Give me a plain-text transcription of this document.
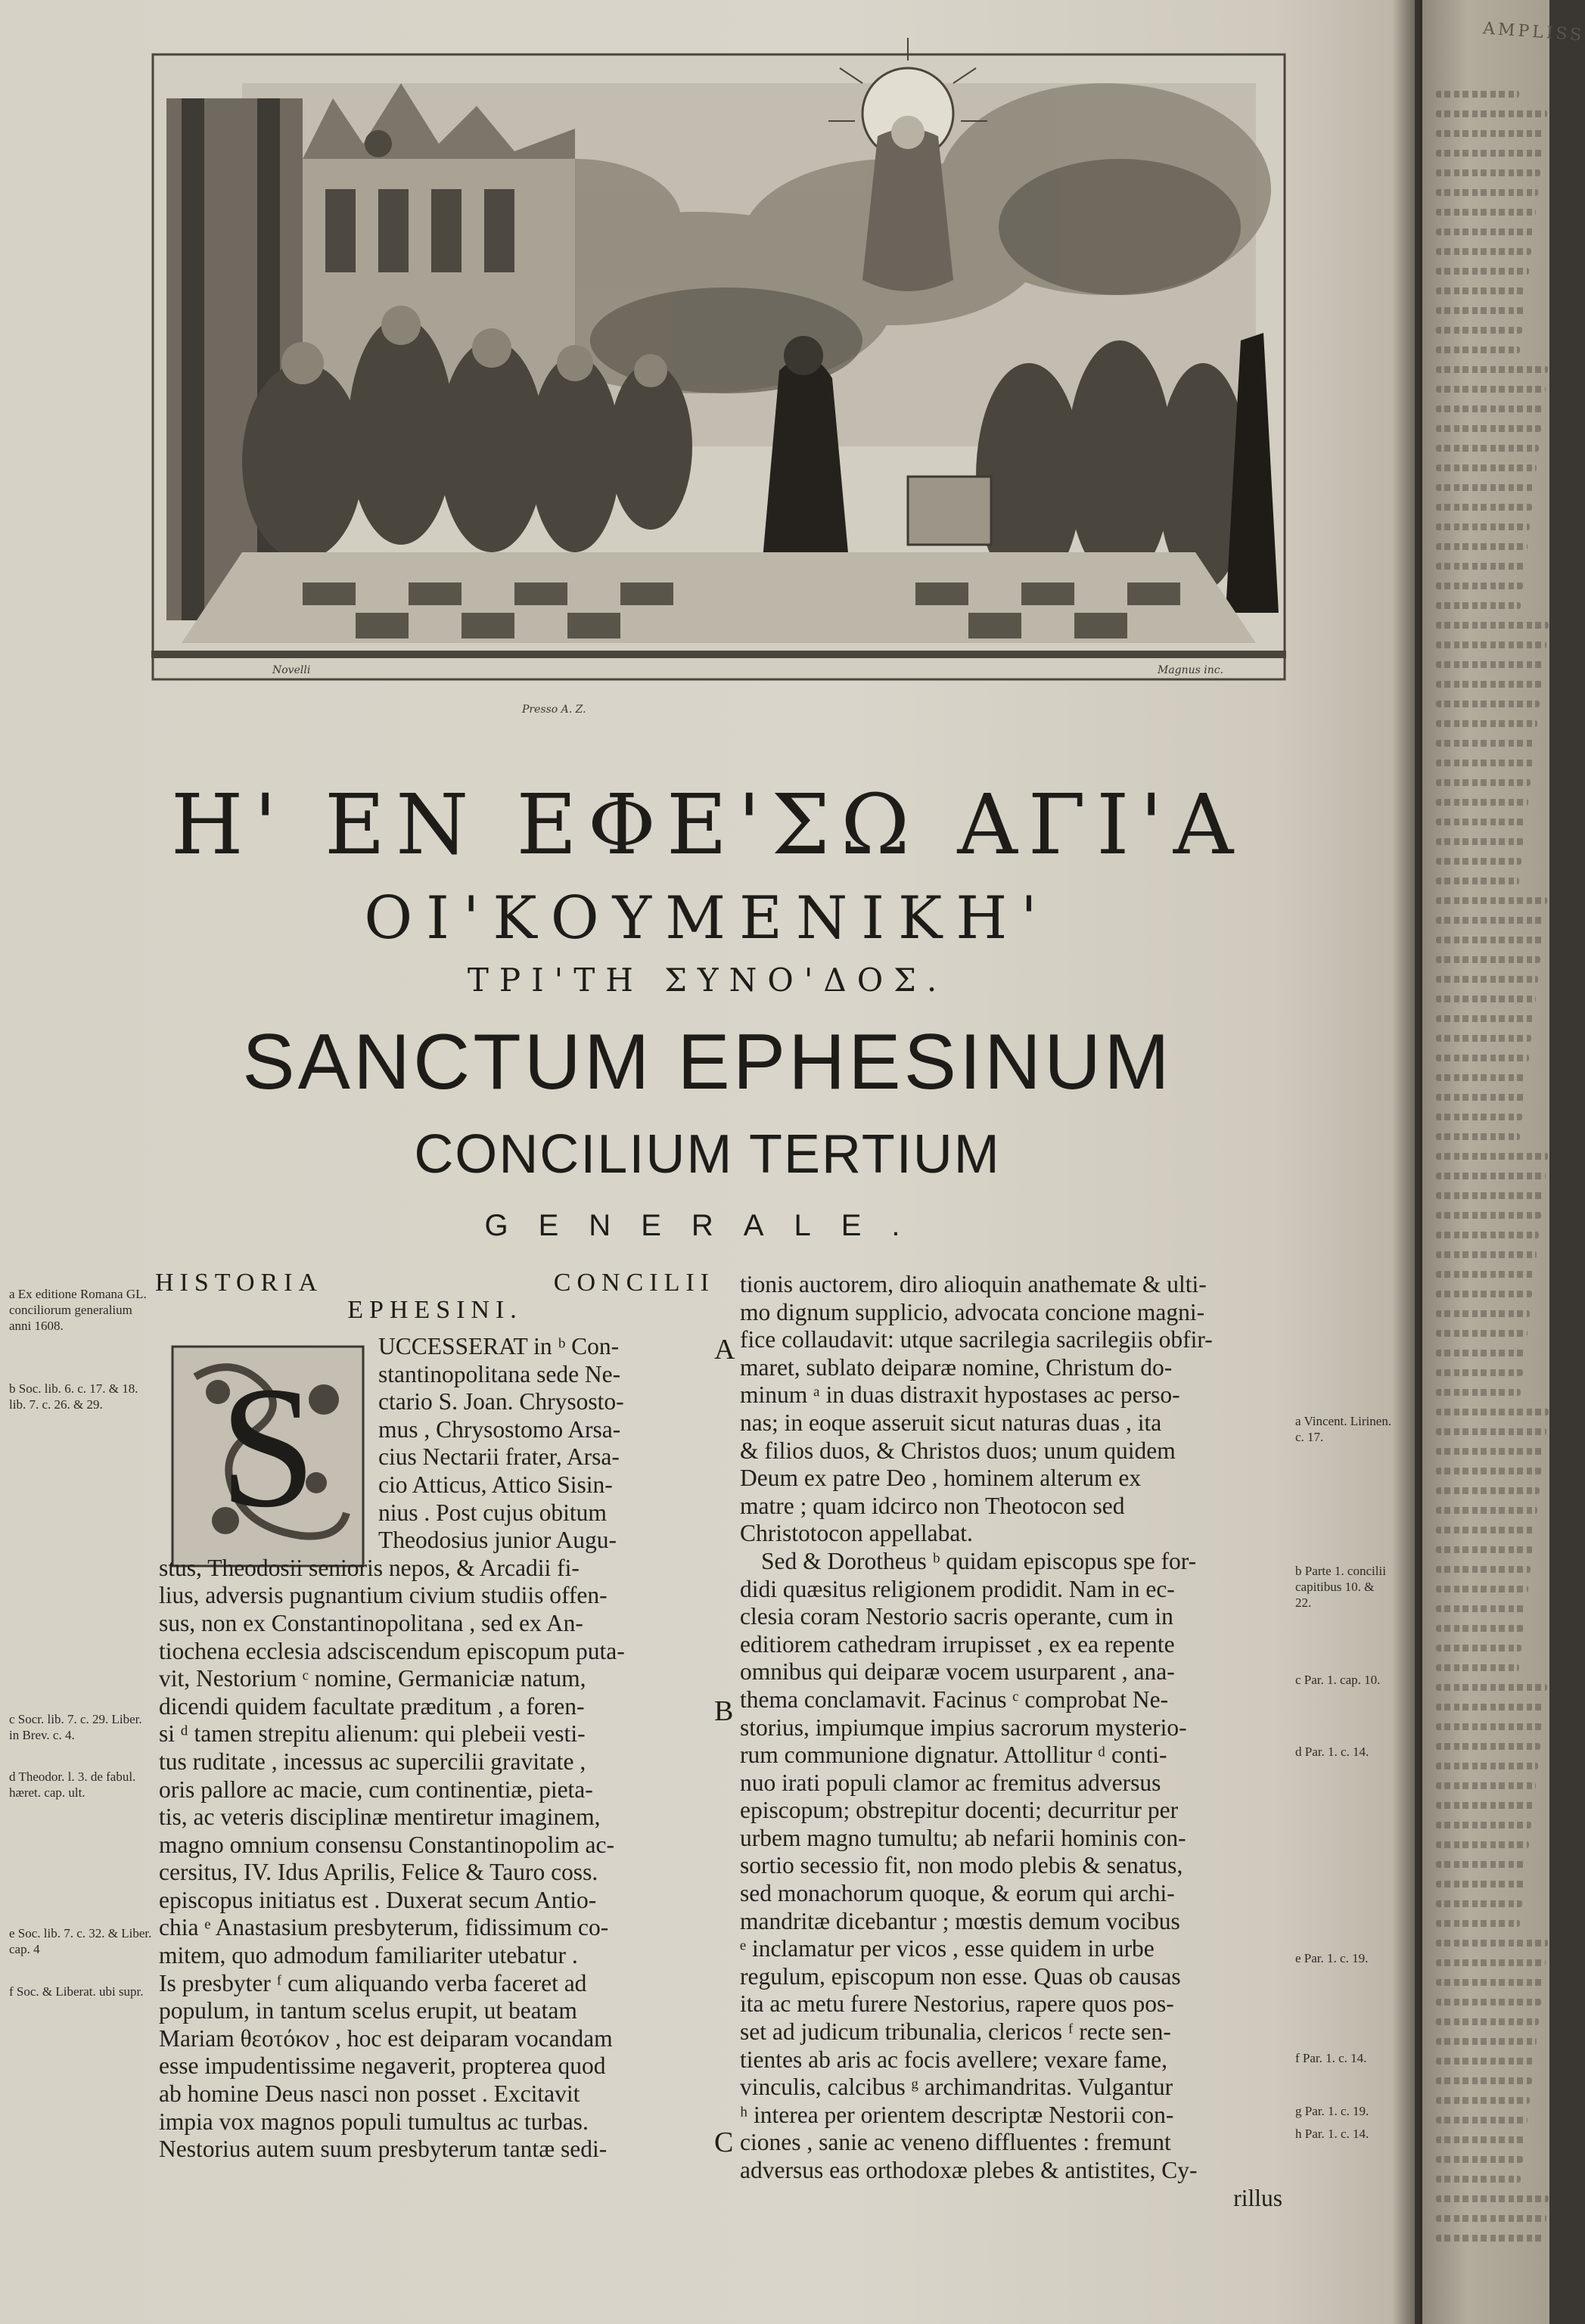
Novelli
Presso A. Z.
Magnus inc.
Η' ΕΝ ΕΦΕ'ΣΩ ΑΓΙ'Α
ΟΙ'ΚΟΥΜΕΝΙΚΗ'
ΤΡΙ'ΤΗ ΣΥΝΟ'ΔΟΣ.
SANCTUM EPHESINUM
CONCILIUM TERTIUM
GENERALE.
HISTORIA	CONCILII
EPHESINI.
S
A
B
C
a Ex editione Romana GL. conciliorum generalium anni 1608.
b Soc. lib. 6. c. 17. & 18. lib. 7. c. 26. & 29.
c Socr. lib. 7. c. 29. Liber. in Brev. c. 4.
d Theodor. l. 3. de fabul. hæret. cap. ult.
e Soc. lib. 7. c. 32. & Liber. cap. 4
f Soc. & Liberat. ubi supr.
a Vincent. Lirinen. c. 17.
b Parte 1. concilii capitibus 10. & 22.
c Par. 1. cap. 10.
d Par. 1. c. 14.
e Par. 1. c. 19.
f Par. 1. c. 14.
g Par. 1. c. 19.
h Par. 1. c. 14.
UCCESSERAT in ᵇ Con-
stantinopolitana sede Ne-
ctario S. Joan. Chrysosto-
mus , Chrysostomo Arsa-
cius Nectarii frater, Arsa-
cio Atticus, Attico Sisin-
nius . Post cujus obitum
Theodosius junior Augu-
stus, Theodosii senioris nepos, & Arcadii fi-
lius, adversis pugnantium civium studiis offen-
sus, non ex Constantinopolitana , sed ex An-
tiochena ecclesia adsciscendum episcopum puta-
vit, Nestorium ᶜ nomine, Germaniciæ natum,
dicendi quidem facultate præditum , a foren-
si ᵈ tamen strepitu alienum: qui plebeii vesti-
tus ruditate , incessus ac supercilii gravitate ,
oris pallore ac macie, cum continentiæ, pieta-
tis, ac veteris disciplinæ mentiretur imaginem,
magno omnium consensu Constantinopolim ac-
cersitus, IV. Idus Aprilis, Felice & Tauro coss.
episcopus initiatus est . Duxerat secum Antio-
chia ᵉ Anastasium presbyterum, fidissimum co-
mitem, quo admodum familiariter utebatur .
Is presbyter ᶠ cum aliquando verba faceret ad
populum, in tantum scelus erupit, ut beatam
Mariam θεοτόκον , hoc est deiparam vocandam
esse impudentissime negaverit, propterea quod
ab homine Deus nasci non posset . Excitavit
impia vox magnos populi tumultus ac turbas.
Nestorius autem suum presbyterum tantæ sedi-
tionis auctorem, diro alioquin anathemate & ulti-
mo dignum supplicio, advocata concione magni-
fice collaudavit: utque sacrilegia sacrilegiis obfir-
maret, sublato deiparæ nomine, Christum do-
minum ᵃ in duas distraxit hypostases ac perso-
nas; in eoque asseruit sicut naturas duas , ita
& filios duos, & Christos duos; unum quidem
Deum ex patre Deo , hominem alterum ex
matre ; quam idcirco non Theotocon sed
Christotocon appellabat.
Sed & Dorotheus ᵇ quidam episcopus spe for-
didi quæsitus religionem prodidit. Nam in ec-
clesia coram Nestorio sacris operante, cum in
editiorem cathedram irrupisset , ex ea repente
omnibus qui deiparæ vocem usurparent , ana-
thema conclamavit. Facinus ᶜ comprobat Ne-
storius, impiumque impius sacrorum mysterio-
rum communione dignatur. Attollitur ᵈ conti-
nuo irati populi clamor ac fremitus adversus
episcopum; obstrepitur docenti; decurritur per
urbem magno tumultu; ab nefarii hominis con-
sortio secessio fit, non modo plebis & senatus,
sed monachorum quoque, & eorum qui archi-
mandritæ dicebantur ; mœstis demum vocibus
ᵉ inclamatur per vicos , esse quidem in urbe
regulum, episcopum non esse. Quas ob causas
ita ac metu furere Nestorius, rapere quos pos-
set ad judicum tribunalia, clericos ᶠ recte sen-
tientes ab aris ac focis avellere; vexare fame,
vinculis, calcibus ᵍ archimandritas. Vulgantur
ʰ interea per orientem descriptæ Nestorii con-
ciones , sanie ac veneno diffluentes : fremunt
adversus eas orthodoxæ plebes & antistites, Cy-
rillus
AMPLISS
